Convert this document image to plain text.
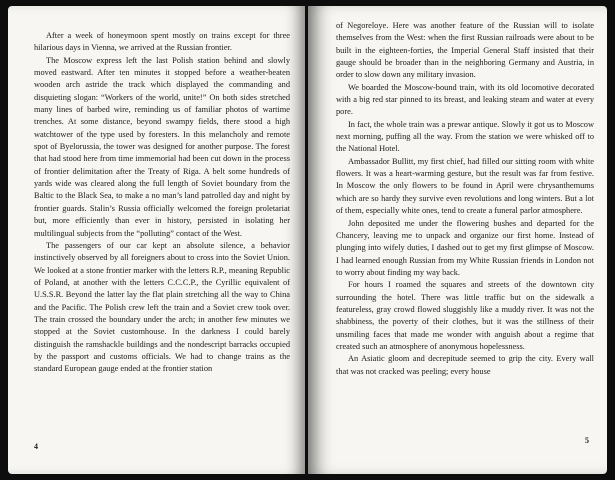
After a week of honeymoon spent mostly on trains except for three hilarious days in Vienna, we arrived at the Russian frontier.

The Moscow express left the last Polish station behind and slowly moved eastward. After ten minutes it stopped before a weather-beaten wooden arch astride the track which displayed the commanding and disquieting slogan: “Workers of the world, unite!” On both sides stretched many lines of barbed wire, reminding us of familiar photos of wartime trenches. At some distance, beyond swampy fields, there stood a high watchtower of the type used by foresters. In this melancholy and remote spot of Byelorussia, the tower was designed for another purpose. The forest that had stood here from time immemorial had been cut down in the process of frontier delimitation after the Treaty of Riga. A belt some hundreds of yards wide was cleared along the full length of Soviet boundary from the Baltic to the Black Sea, to make a no man’s land patrolled day and night by frontier guards. Stalin’s Russia officially welcomed the foreign proletariat but, more efficiently than ever in history, persisted in isolating her multilingual subjects from the “polluting” contact of the West.

The passengers of our car kept an absolute silence, a behavior instinctively observed by all foreigners about to cross into the Soviet Union. We looked at a stone frontier marker with the letters R.P., meaning Republic of Poland, at another with the letters C.C.C.P., the Cyrillic equivalent of U.S.S.R. Beyond the latter lay the flat plain stretching all the way to China and the Pacific. The Polish crew left the train and a Soviet crew took over. The train crossed the boundary under the arch; in another few minutes we stopped at the Soviet customhouse. In the darkness I could barely distinguish the ramshackle buildings and the nondescript barracks occupied by the passport and customs officials. We had to change trains as the standard European gauge ended at the frontier station

4

of Negoreloye. Here was another feature of the Russian will to isolate themselves from the West: when the first Russian railroads were about to be built in the eighteen-forties, the Imperial General Staff insisted that their gauge should be broader than in the neighboring Germany and Austria, in order to slow down any military invasion.

We boarded the Moscow-bound train, with its old locomotive decorated with a big red star pinned to its breast, and leaking steam and water at every pore.

In fact, the whole train was a prewar antique. Slowly it got us to Moscow next morning, puffing all the way. From the station we were whisked off to the National Hotel.

Ambassador Bullitt, my first chief, had filled our sitting room with white flowers. It was a heart-warming gesture, but the result was far from festive. In Moscow the only flowers to be found in April were chrysanthemums which are so hardy they survive even revolutions and long winters. But a lot of them, especially white ones, tend to create a funeral parlor atmosphere.

John deposited me under the flowering bushes and departed for the Chancery, leaving me to unpack and organize our first home. Instead of plunging into wifely duties, I dashed out to get my first glimpse of Moscow. I had learned enough Russian from my White Russian friends in London not to worry about finding my way back.

For hours I roamed the squares and streets of the downtown city surrounding the hotel. There was little traffic but on the sidewalk a featureless, gray crowd flowed sluggishly like a muddy river. It was not the shabbiness, the poverty of their clothes, but it was the stillness of their unsmiling faces that made me wonder with anguish about a regime that created such an atmosphere of anonymous hopelessness.

An Asiatic gloom and decrepitude seemed to grip the city. Every wall that was not cracked was peeling; every house

5
